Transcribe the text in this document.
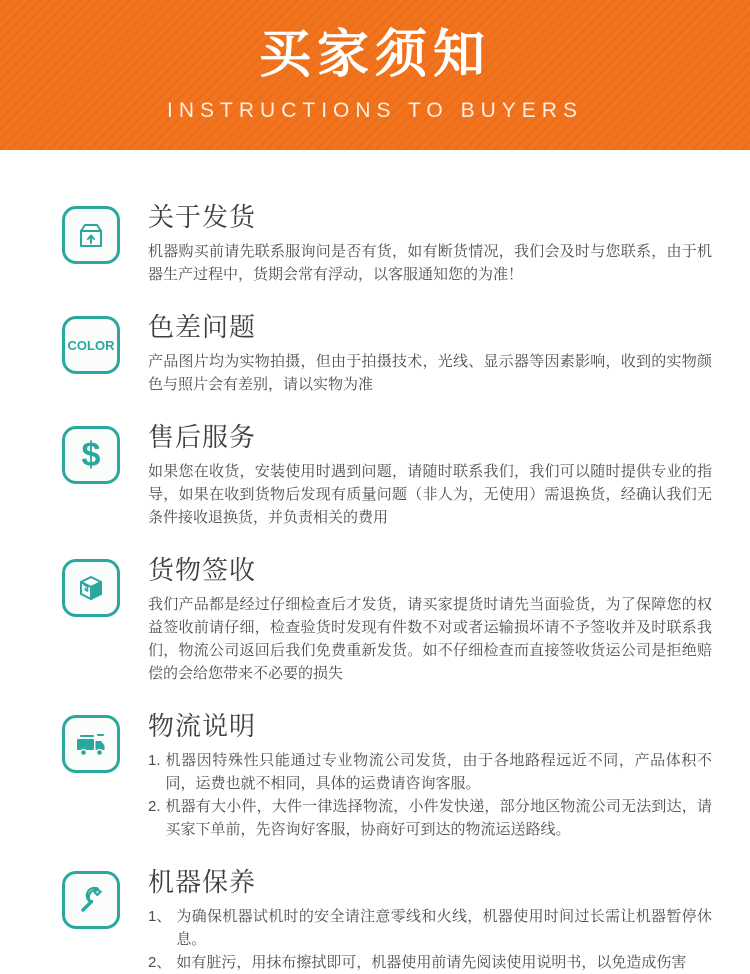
买家须知
INSTRUCTIONS TO BUYERS
关于发货
机器购买前请先联系服询问是否有货，如有断货情况，我们会及时与您联系，由于机器生产过程中，货期会常有浮动，以客服通知您的为准！
COLOR
色差问题
产品图片均为实物拍摄，但由于拍摄技术，光线、显示器等因素影响，收到的实物颜色与照片会有差别，请以实物为准
$ 售后服务
如果您在收货，安装使用时遇到问题，请随时联系我们，我们可以随时提供专业的指导，如果在收到货物后发现有质量问题（非人为，无使用）需退换货，经确认我们无条件接收退换货，并负责相关的费用
货物签收
我们产品都是经过仔细检查后才发货，请买家提货时请先当面验货，为了保障您的权益签收前请仔细，检查验货时发现有件数不对或者运输损坏请不予签收并及时联系我们，物流公司返回后我们免费重新发货。如不仔细检查而直接签收货运公司是拒绝赔偿的会给您带来不必要的损失
物流说明
1. 机器因特殊性只能通过专业物流公司发货，由于各地路程远近不同，产品体积不同，运费也就不相同，具体的运费请咨询客服。
2. 机器有大小件，大件一律选择物流，小件发快递，部分地区物流公司无法到达，请买家下单前，先咨询好客服，协商好可到达的物流运送路线。
机器保养
1、 为确保机器试机时的安全请注意零线和火线，机器使用时间过长需让机器暂停休息。
2、 如有脏污，用抹布擦拭即可，机器使用前请先阅读使用说明书，以免造成伤害
